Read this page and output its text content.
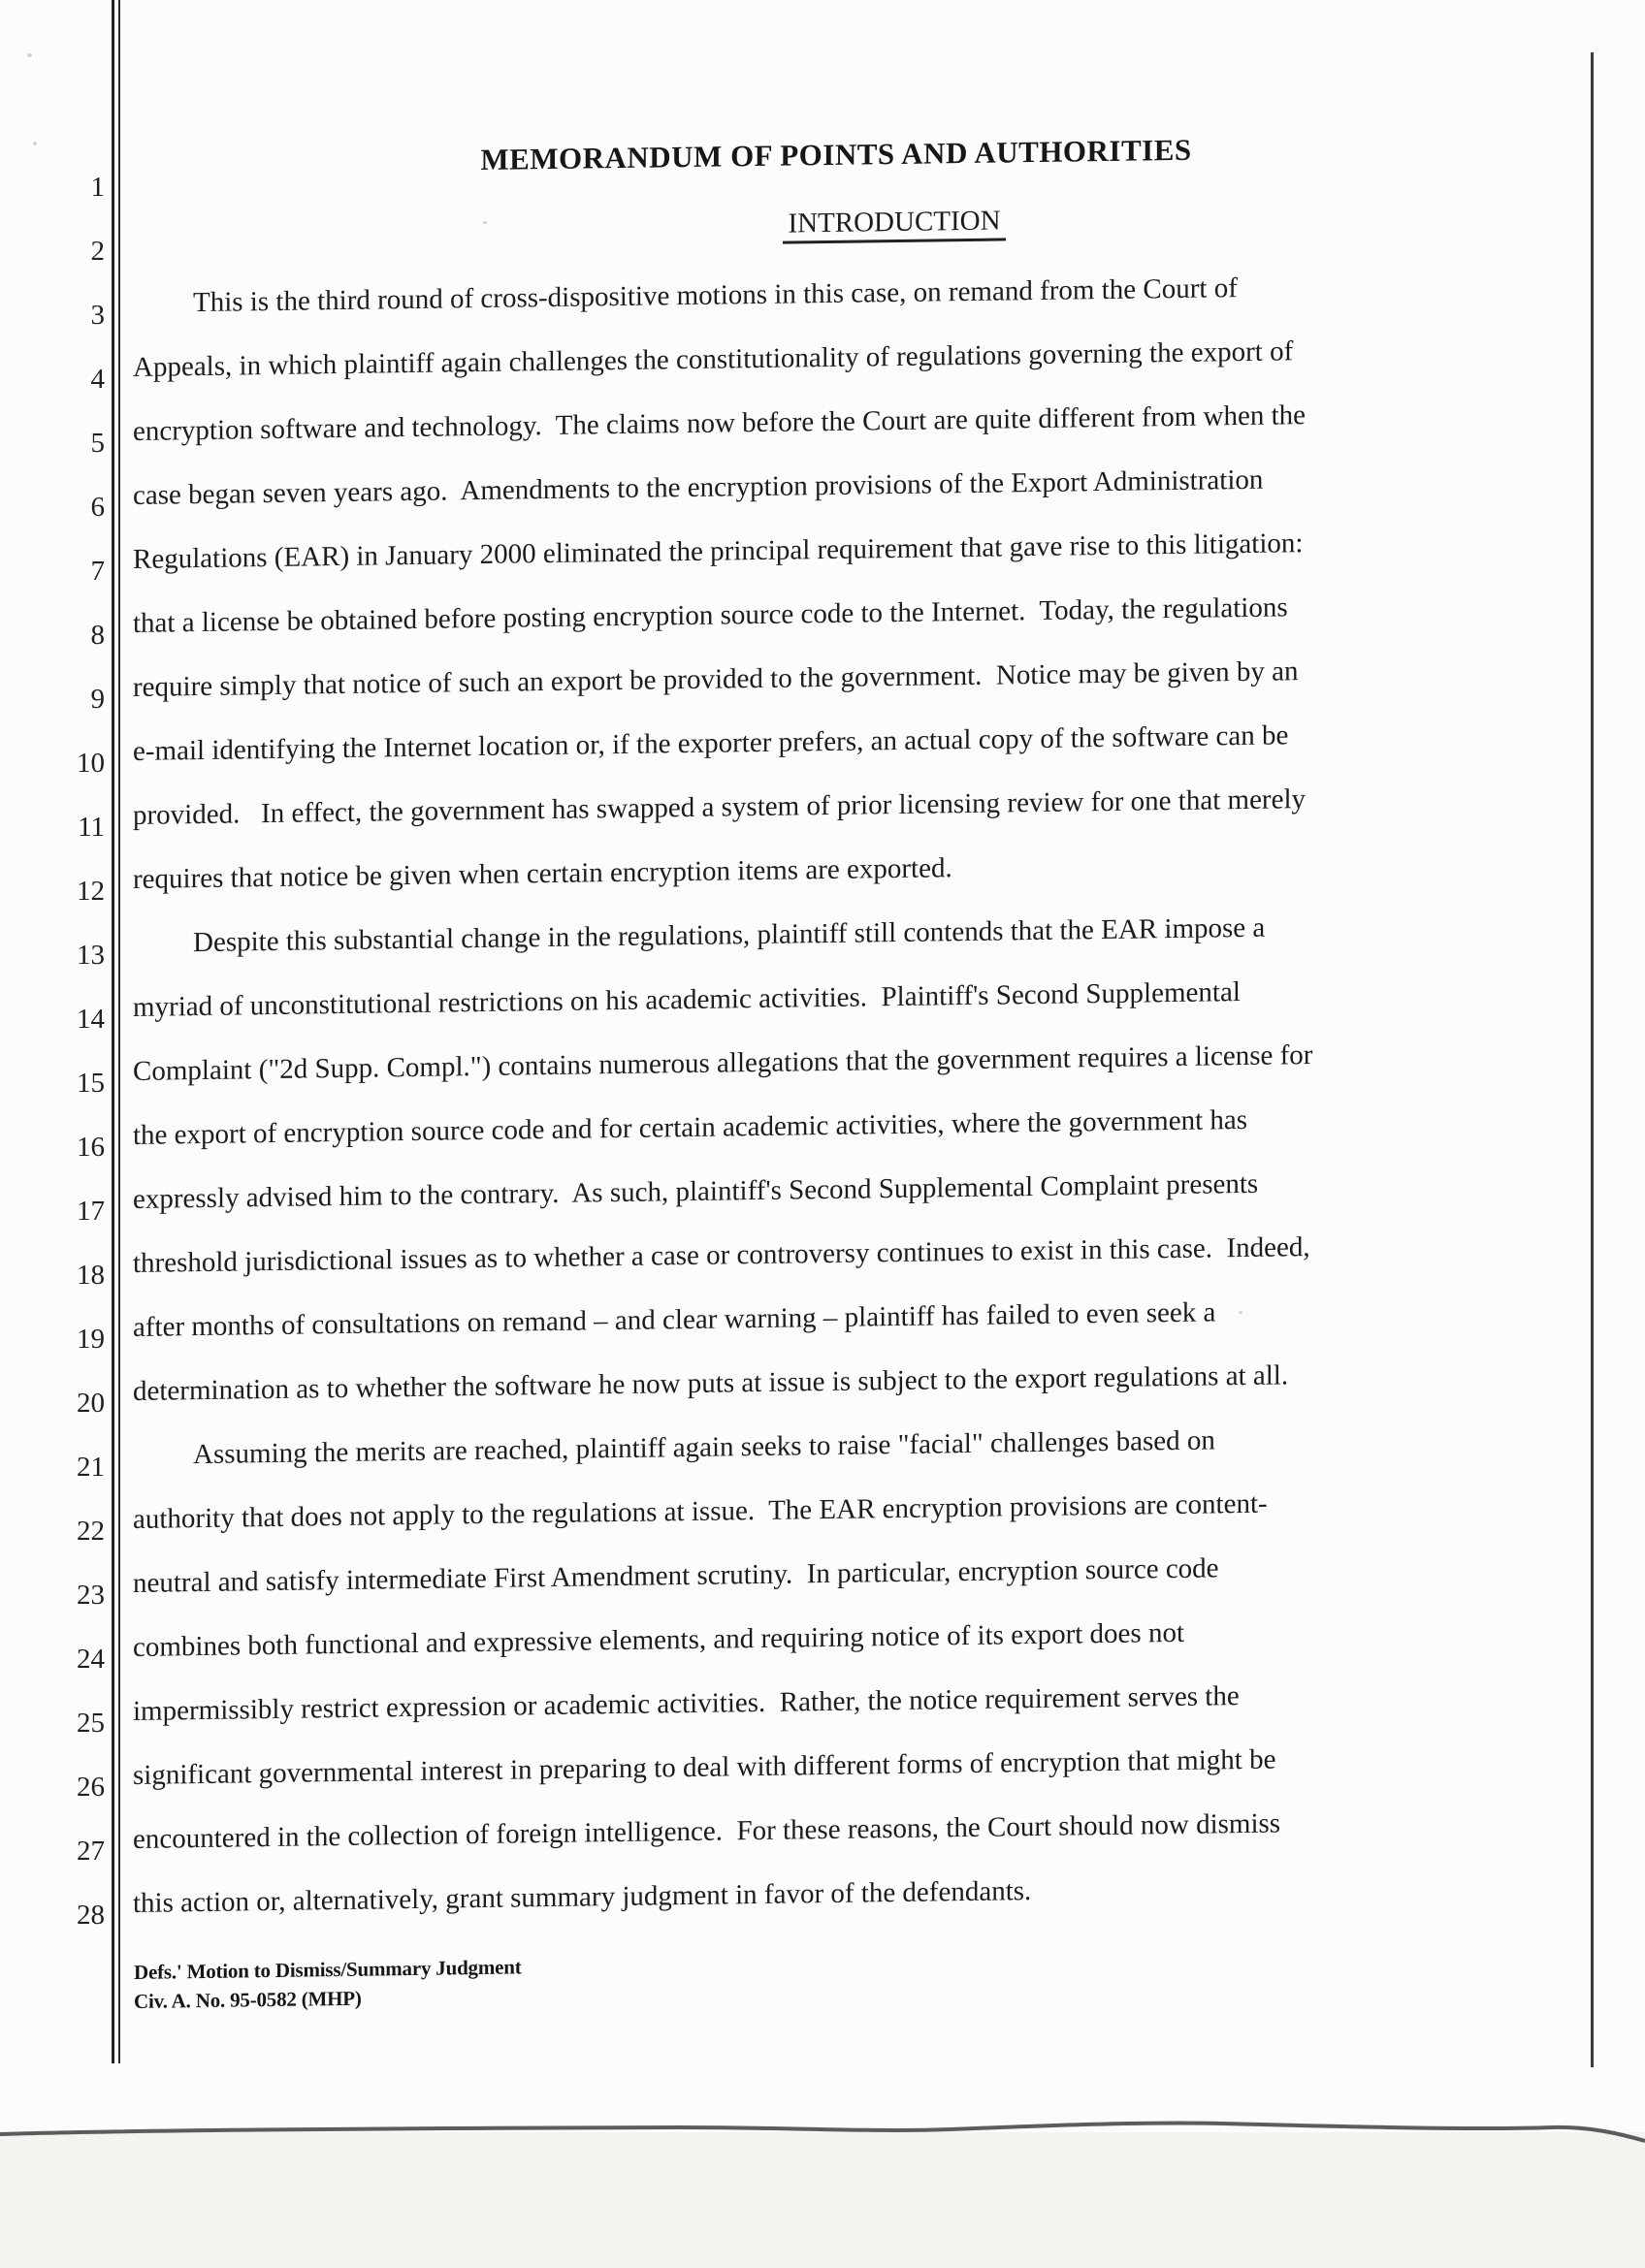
1
2
3
4
5
6
7
8
9
10
11
12
13
14
15
16
17
18
19
20
21
22
23
24
25
26
27
28
MEMORANDUM OF POINTS AND AUTHORITIES
INTRODUCTION
This is the third round of cross-dispositive motions in this case, on remand from the Court of
Appeals, in which plaintiff again challenges the constitutionality of regulations governing the export of
encryption software and technology.  The claims now before the Court are quite different from when the
case began seven years ago.  Amendments to the encryption provisions of the Export Administration
Regulations (EAR) in January 2000 eliminated the principal requirement that gave rise to this litigation:
that a license be obtained before posting encryption source code to the Internet.  Today, the regulations
require simply that notice of such an export be provided to the government.  Notice may be given by an
e-mail identifying the Internet location or, if the exporter prefers, an actual copy of the software can be
provided.   In effect, the government has swapped a system of prior licensing review for one that merely
requires that notice be given when certain encryption items are exported.
Despite this substantial change in the regulations, plaintiff still contends that the EAR impose a
myriad of unconstitutional restrictions on his academic activities.  Plaintiff's Second Supplemental
Complaint ("2d Supp. Compl.") contains numerous allegations that the government requires a license for
the export of encryption source code and for certain academic activities, where the government has
expressly advised him to the contrary.  As such, plaintiff's Second Supplemental Complaint presents
threshold jurisdictional issues as to whether a case or controversy continues to exist in this case.  Indeed,
after months of consultations on remand – and clear warning – plaintiff has failed to even seek a
determination as to whether the software he now puts at issue is subject to the export regulations at all.
Assuming the merits are reached, plaintiff again seeks to raise "facial" challenges based on
authority that does not apply to the regulations at issue.  The EAR encryption provisions are content-
neutral and satisfy intermediate First Amendment scrutiny.  In particular, encryption source code
combines both functional and expressive elements, and requiring notice of its export does not
impermissibly restrict expression or academic activities.  Rather, the notice requirement serves the
significant governmental interest in preparing to deal with different forms of encryption that might be
encountered in the collection of foreign intelligence.  For these reasons, the Court should now dismiss
this action or, alternatively, grant summary judgment in favor of the defendants.
Defs.' Motion to Dismiss/Summary Judgment
Civ. A. No. 95-0582 (MHP)
